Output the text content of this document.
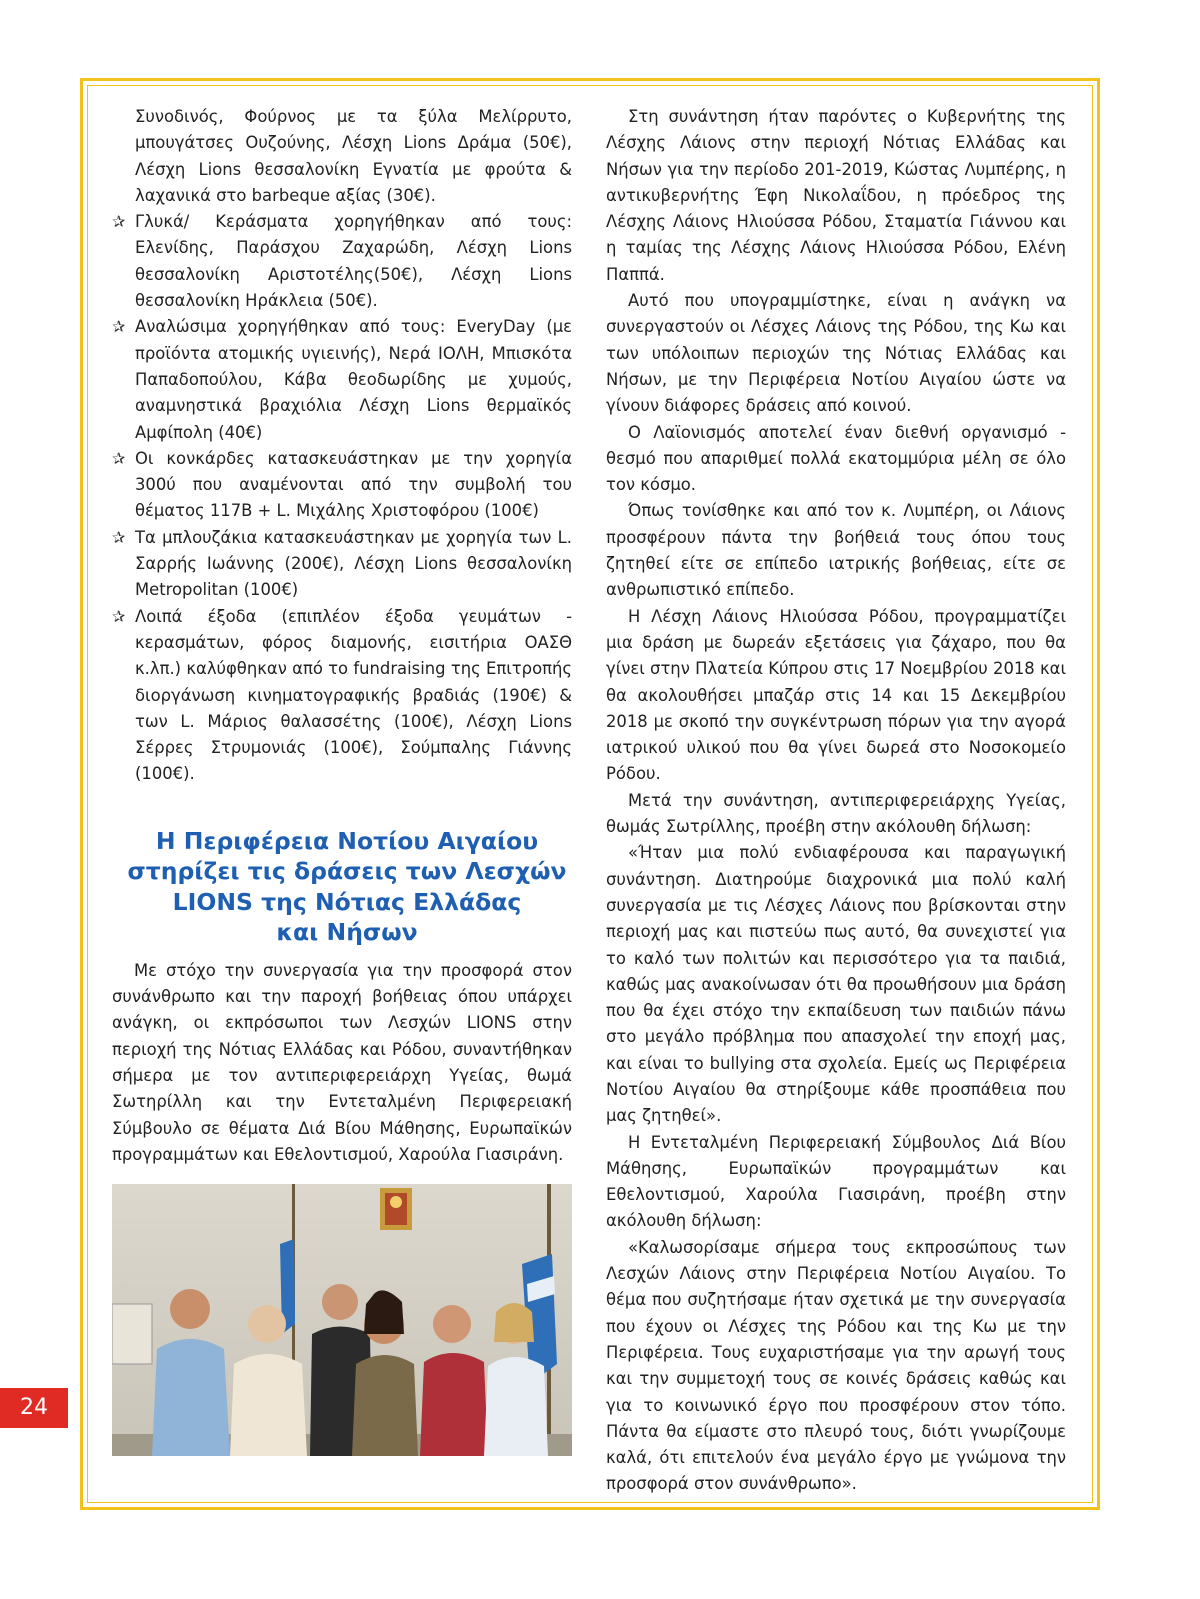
24

Συνοδινός, Φούρνος με τα ξύλα Μελίρρυτο, μπουγάτσες Ουζούνης, Λέσχη Lions Δράμα (50€), Λέσχη Lions θεσσαλονίκη Εγνατία με φρούτα & λαχανικά στο barbeque αξίας (30€).

✰ Γλυκά/ Κεράσματα χορηγήθηκαν από τους: Ελενίδης, Παράσχου Ζαχαρώδη, Λέσχη Lions θεσσαλονίκη Αριστοτέλης(50€), Λέσχη Lions θεσσαλονίκη Ηράκλεια (50€).

✰ Αναλώσιμα χορηγήθηκαν από τους: EveryDay (με προϊόντα ατομικής υγιεινής), Νερά ΙΟΛΗ, Μπισκότα Παπαδοπούλου, Κάβα θεοδωρίδης με χυμούς, αναμνηστικά βραχιόλια Λέσχη Lions θερμαϊκός Αμφίπολη (40€)

✰ Οι κονκάρδες κατασκευάστηκαν με την χορηγία 300ύ που αναμένονται από την συμβολή του θέματος 117Β + L. Μιχάλης Χριστοφόρου (100€)

✰ Τα μπλουζάκια κατασκευάστηκαν με χορηγία των L. Σαρρής Ιωάννης (200€), Λέσχη Lions θεσσαλονίκη Metropolitan (100€)

✰ Λοιπά έξοδα (επιπλέον έξοδα γευμάτων - κερασμάτων, φόρος διαμονής, εισιτήρια ΟΑΣΘ κ.λπ.) καλύφθηκαν από το fundraising της Επιτροπής διοργάνωση κινηματογραφικής βραδιάς (190€) & των L. Μάριος θαλασσέτης (100€), Λέσχη Lions Σέρρες Στρυμονιάς (100€), Σούμπαλης Γιάννης (100€).

Η Περιφέρεια Νοτίου Αιγαίου
στηρίζει τις δράσεις των Λεσχών
LIONS της Νότιας Ελλάδας
και Νήσων

Με στόχο την συνεργασία για την προσφορά στον συνάνθρωπο και την παροχή βοήθειας όπου υπάρχει ανάγκη, οι εκπρόσωποι των Λεσχών LIONS στην περιοχή της Νότιας Ελλάδας και Ρόδου, συναντήθηκαν σήμερα με τον αντιπεριφερειάρχη Υγείας, θωμά Σωτηρίλλη και την Εντεταλμένη Περιφερειακή Σύμβουλο σε θέματα Διά Βίου Μάθησης, Ευρωπαϊκών προγραμμάτων και Εθελοντισμού, Χαρούλα Γιασιράνη.

Στη συνάντηση ήταν παρόντες ο Κυβερνήτης της Λέσχης Λάιονς στην περιοχή Νότιας Ελλάδας και Νήσων για την περίοδο 201-2019, Κώστας Λυμπέρης, η αντικυβερνήτης Έφη Νικολαΐδου, η πρόεδρος της Λέσχης Λάιονς Ηλιούσσα Ρόδου, Σταματία Γιάννου και η ταμίας της Λέσχης Λάιονς Ηλιούσσα Ρόδου, Ελένη Παππά.

Αυτό που υπογραμμίστηκε, είναι η ανάγκη να συνεργαστούν οι Λέσχες Λάιονς της Ρόδου, της Κω και των υπόλοιπων περιοχών της Νότιας Ελλάδας και Νήσων, με την Περιφέρεια Νοτίου Αιγαίου ώστε να γίνουν διάφορες δράσεις από κοινού.

Ο Λαϊονισμός αποτελεί έναν διεθνή οργανισμό - θεσμό που απαριθμεί πολλά εκατομμύρια μέλη σε όλο τον κόσμο.

Όπως τονίσθηκε και από τον κ. Λυμπέρη, οι Λάιονς προσφέρουν πάντα την βοήθειά τους όπου τους ζητηθεί είτε σε επίπεδο ιατρικής βοήθειας, είτε σε ανθρωπιστικό επίπεδο.

Η Λέσχη Λάιονς Ηλιούσσα Ρόδου, προγραμματίζει μια δράση με δωρεάν εξετάσεις για ζάχαρο, που θα γίνει στην Πλατεία Κύπρου στις 17 Νοεμβρίου 2018 και θα ακολουθήσει μπαζάρ στις 14 και 15 Δεκεμβρίου 2018 με σκοπό την συγκέντρωση πόρων για την αγορά ιατρικού υλικού που θα γίνει δωρεά στο Νοσοκομείο Ρόδου.

Μετά την συνάντηση, αντιπεριφερειάρχης Υγείας, θωμάς Σωτρίλλης, προέβη στην ακόλουθη δήλωση:

«Ήταν μια πολύ ενδιαφέρουσα και παραγωγική συνάντηση. Διατηρούμε διαχρονικά μια πολύ καλή συνεργασία με τις Λέσχες Λάιονς που βρίσκονται στην περιοχή μας και πιστεύω πως αυτό, θα συνεχιστεί για το καλό των πολιτών και περισσότερο για τα παιδιά, καθώς μας ανακοίνωσαν ότι θα προωθήσουν μια δράση που θα έχει στόχο την εκπαίδευση των παιδιών πάνω στο μεγάλο πρόβλημα που απασχολεί την εποχή μας, και είναι το bullying στα σχολεία. Εμείς ως Περιφέρεια Νοτίου Αιγαίου θα στηρίξουμε κάθε προσπάθεια που μας ζητηθεί».

Η Εντεταλμένη Περιφερειακή Σύμβουλος Διά Βίου Μάθησης, Ευρωπαϊκών προγραμμάτων και Εθελοντισμού, Χαρούλα Γιασιράνη, προέβη στην ακόλουθη δήλωση:

«Καλωσορίσαμε σήμερα τους εκπροσώπους των Λεσχών Λάιονς στην Περιφέρεια Νοτίου Αιγαίου. Το θέμα που συζητήσαμε ήταν σχετικά με την συνεργασία που έχουν οι Λέσχες της Ρόδου και της Κω με την Περιφέρεια. Τους ευχαριστήσαμε για την αρωγή τους και την συμμετοχή τους σε κοινές δράσεις καθώς και για το κοινωνικό έργο που προσφέρουν στον τόπο. Πάντα θα είμαστε στο πλευρό τους, διότι γνωρίζουμε καλά, ότι επιτελούν ένα μεγάλο έργο με γνώμονα την προσφορά στον συνάνθρωπο».
